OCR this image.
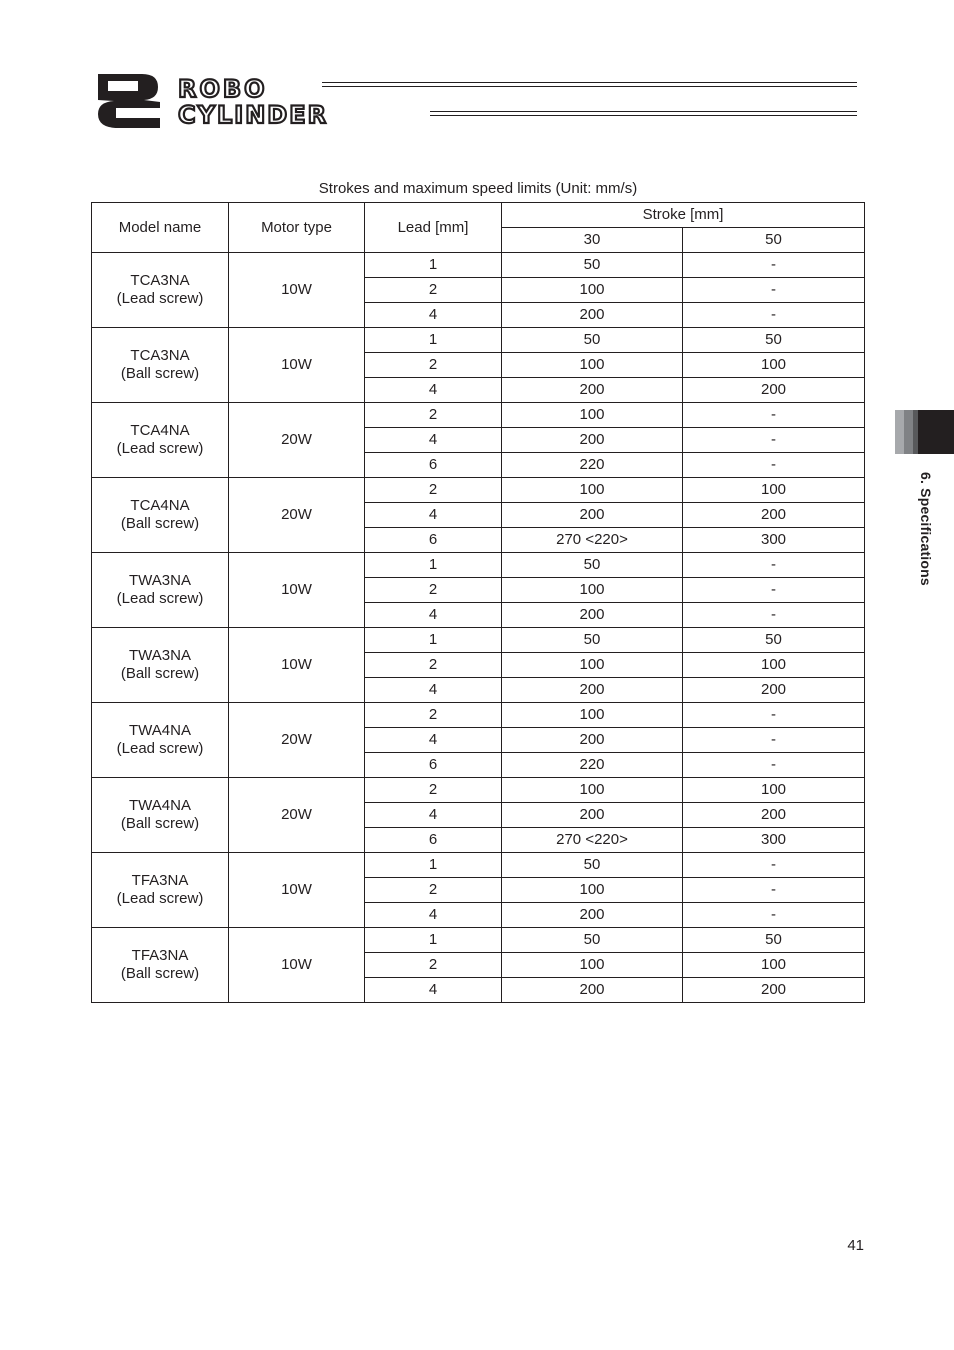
ROBO
CYLINDER
Strokes and maximum speed limits (Unit: mm/s)
Model name	Motor type	Lead [mm]	Stroke [mm]	
			30	50

TCA3NA
(Lead screw)	10W	1	50	-
		2	100	-
		4	200	-

TCA3NA
(Ball screw)	10W	1	50	50
		2	100	100
		4	200	200

TCA4NA
(Lead screw)	20W	2	100	-
		4	200	-
		6	220	-

TCA4NA
(Ball screw)	20W	2	100	100
		4	200	200
		6	270 <220>	300

TWA3NA
(Lead screw)	10W	1	50	-
		2	100	-
		4	200	-

TWA3NA
(Ball screw)	10W	1	50	50
		2	100	100
		4	200	200

TWA4NA
(Lead screw)	20W	2	100	-
		4	200	-
		6	220	-

TWA4NA
(Ball screw)	20W	2	100	100
		4	200	200
		6	270 <220>	300

TFA3NA
(Lead screw)	10W	1	50	-
		2	100	-
		4	200	-

TFA3NA
(Ball screw)	10W	1	50	50
		2	100	100
		4	200	200
6. Specifications
41
